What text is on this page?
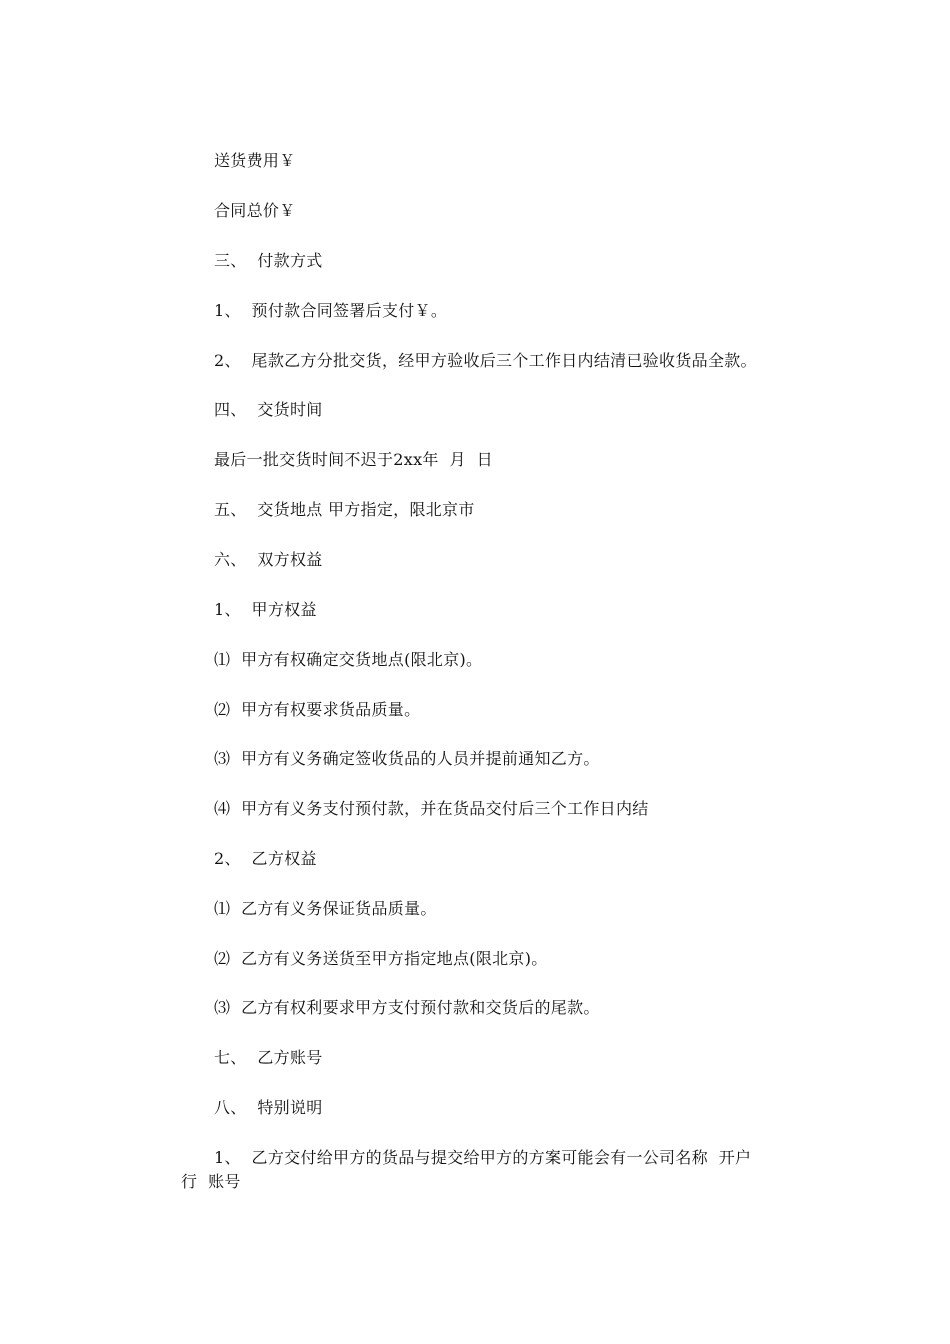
送货费用￥
合同总价￥
三、  付款方式
1、  预付款合同签署后支付￥。
2、  尾款乙方分批交货，经甲方验收后三个工作日内结清已验收货品全款。
四、  交货时间
最后一批交货时间不迟于2xx年  月  日
五、  交货地点 甲方指定，限北京市
六、  双方权益
1、  甲方权益
⑴  甲方有权确定交货地点(限北京)。
⑵  甲方有权要求货品质量。
⑶  甲方有义务确定签收货品的人员并提前通知乙方。
⑷  甲方有义务支付预付款，并在货品交付后三个工作日内结
2、  乙方权益
⑴  乙方有义务保证货品质量。
⑵  乙方有义务送货至甲方指定地点(限北京)。
⑶  乙方有权利要求甲方支付预付款和交货后的尾款。
七、  乙方账号
八、  特别说明
1、  乙方交付给甲方的货品与提交给甲方的方案可能会有一公司名称  开户
行  账号
